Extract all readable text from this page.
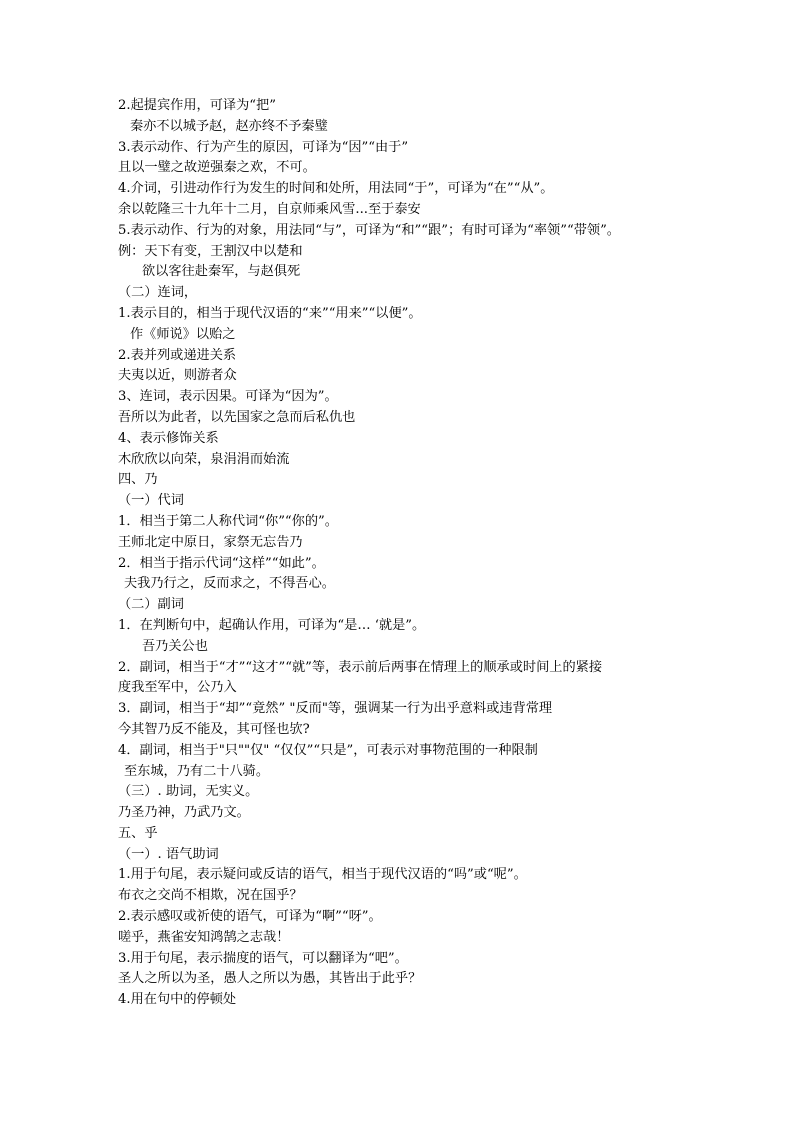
2.起提宾作用，可译为“把”
秦亦不以城予赵，赵亦终不予秦璧
3.表示动作、行为产生的原因，可译为“因”“由于”
且以一璧之故逆强秦之欢，不可。
4.介词，引进动作行为发生的时间和处所，用法同“于”，可译为“在”“从”。
余以乾隆三十九年十二月，自京师乘风雪...至于泰安
5.表示动作、行为的对象，用法同“与”，可译为“和”“跟”；有时可译为“率领”“带领”。
例：天下有变，王割汉中以楚和
欲以客往赴秦军，与赵俱死
（二）连词，
1.表示目的，相当于现代汉语的“来”“用来”“以便”。
作《师说》以贻之
2.表并列或递进关系
夫夷以近，则游者众
3、连词，表示因果。可译为“因为”。
吾所以为此者，以先国家之急而后私仇也
4、表示修饰关系
木欣欣以向荣，泉涓涓而始流
四、乃
（一）代词
1．相当于第二人称代词“你”“你的”。
王师北定中原日，家祭无忘告乃
2．相当于指示代词“这样”“如此”。
夫我乃行之，反而求之，不得吾心。
（二）副词
1．在判断句中，起确认作用，可译为“是… ‘就是”。
吾乃关公也
2．副词，相当于“才”“这才”“就”等，表示前后两事在情理上的顺承或时间上的紧接
度我至军中，公乃入
3．副词，相当于“却”“竟然” "反而"等，强调某一行为出乎意料或违背常理
今其智乃反不能及，其可怪也欤?
4．副词，相当于"只""仅" “仅仅”“只是”，可表示对事物范围的一种限制
至东城，乃有二十八骑。
（三）. 助词，无实义。
乃圣乃神，乃武乃文。
五、乎
（一）. 语气助词
1.用于句尾，表示疑问或反诘的语气，相当于现代汉语的“吗”或“呢”。
布衣之交尚不相欺，况在国乎？
2.表示感叹或祈使的语气，可译为“啊”“呀”。
嗟乎，燕雀安知鸿鹄之志哉！
3.用于句尾，表示揣度的语气，可以翻译为“吧”。
圣人之所以为圣，愚人之所以为愚，其皆出于此乎？
4.用在句中的停顿处
